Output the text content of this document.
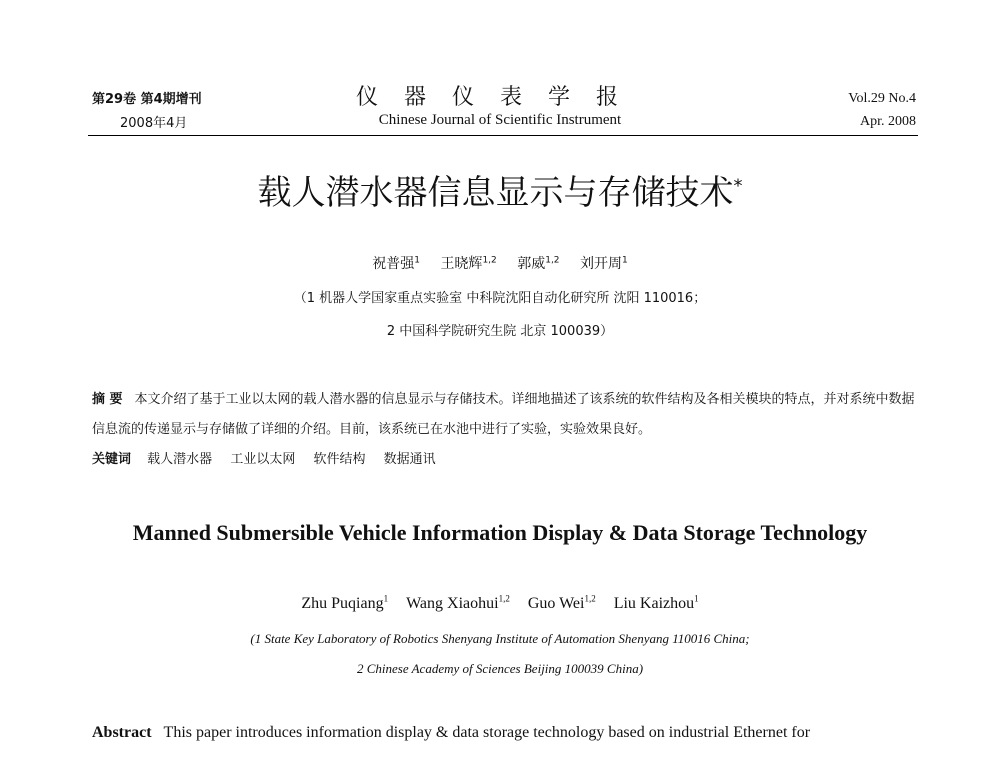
第29卷 第4期增刊
2008年4月
仪器仪表学报
Chinese Journal of Scientific Instrument
Vol.29 No.4
Apr. 2008
载人潜水器信息显示与存储技术*
祝普强$^1$ 王晓辉$^{1,2}$ 郭威$^{1,2}$ 刘开周$^1$
（1 机器人学国家重点实验室 中科院沈阳自动化研究所 沈阳 110016；
2 中国科学院研究生院 北京 100039）
摘 要 本文介绍了基于工业以太网的载人潜水器的信息显示与存储技术。详细地描述了该系统的软件结构及各相关模块的特点，并对系统中数据信息流的传递显示与存储做了详细的介绍。目前，该系统已在水池中进行了实验，实验效果良好。
关键词 载人潜水器 工业以太网 软件结构 数据通讯
Manned Submersible Vehicle Information Display & Data Storage Technology
Zhu Puqiang$^1$ Wang Xiaohui$^{1,2}$ Guo Wei$^{1,2}$ Liu Kaizhou$^1$
(1 State Key Laboratory of Robotics Shenyang Institute of Automation Shenyang 110016 China;
2 Chinese Academy of Sciences Beijing 100039 China)
Abstract This paper introduces information display & data storage technology based on industrial Ethernet for
